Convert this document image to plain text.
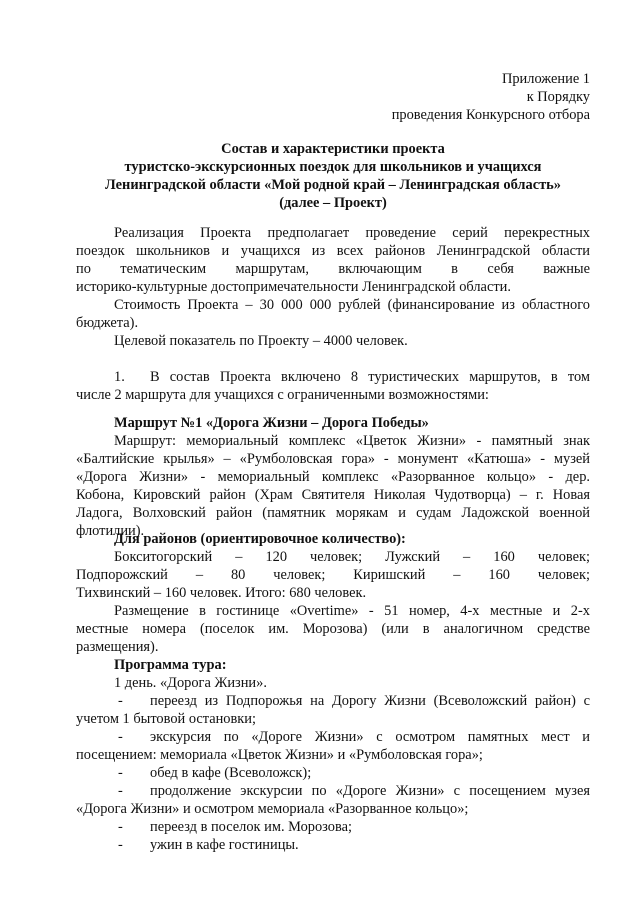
Приложение 1
к Порядку
проведения Конкурсного отбора
Состав и характеристики проекта
туристско-экскурсионных поездок для школьников и учащихся
Ленинградской области «Мой родной край – Ленинградская область»
(далее – Проект)
Реализация Проекта предполагает проведение серий перекрестных
поездок школьников и учащихся из всех районов Ленинградской области
по тематическим маршрутам, включающим в себя важные
историко-культурные достопримечательности Ленинградской области.
Стоимость Проекта – 30 000 000 рублей (финансирование из областного
бюджета).
Целевой показатель по Проекту – 4000 человек.
1.	В состав Проекта включено 8 туристических маршрутов, в том
числе 2 маршрута для учащихся с ограниченными возможностями:
Маршрут №1 «Дорога Жизни – Дорога Победы»
Маршрут: мемориальный комплекс «Цветок Жизни» - памятный знак
«Балтийские крылья» – «Румболовская гора» - монумент «Катюша» - музей
«Дорога Жизни» - мемориальный комплекс «Разорванное кольцо» - дер.
Кобона, Кировский район (Храм Святителя Николая Чудотворца) – г. Новая
Ладога, Волховский район (памятник морякам и судам Ладожской военной
флотилии).
Для районов (ориентировочное количество):
Бокситогорский – 120 человек; Лужский – 160 человек;
Подпорожский – 80 человек; Киришский – 160 человек;
Тихвинский – 160 человек. Итого: 680 человек.
Размещение в гостинице «Overtime» - 51 номер, 4-х местные и 2-х
местные номера (поселок им. Морозова) (или в аналогичном средстве
размещения).
Программа тура:
1 день. «Дорога Жизни».
-	переезд из Подпорожья на Дорогу Жизни (Всеволожский район) с
учетом 1 бытовой остановки;
-	экскурсия по «Дороге Жизни» с осмотром памятных мест и
посещением: мемориала «Цветок Жизни» и «Румболовская гора»;
-	обед в кафе (Всеволожск);
-	продолжение экскурсии по «Дороге Жизни» с посещением музея
«Дорога Жизни» и осмотром мемориала «Разорванное кольцо»;
-	переезд в поселок им. Морозова;
-	ужин в кафе гостиницы.
